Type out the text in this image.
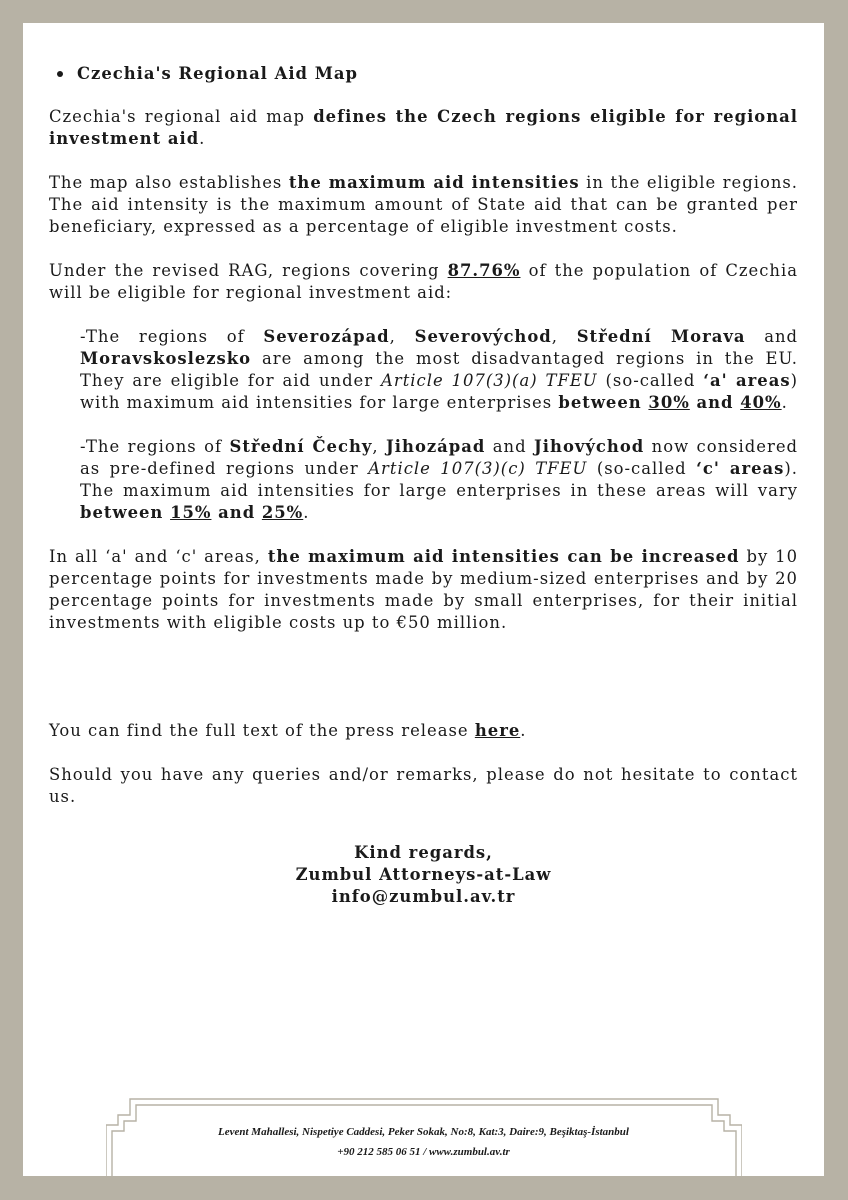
Czechia's Regional Aid Map

Czechia's regional aid map defines the Czech regions eligible for regional investment aid.

The map also establishes the maximum aid intensities in the eligible regions. The aid intensity is the maximum amount of State aid that can be granted per beneficiary, expressed as a percentage of eligible investment costs.

Under the revised RAG, regions covering 87.76% of the population of Czechia will be eligible for regional investment aid:

-The regions of Severozápad, Severovýchod, Střední Morava and Moravskoslezsko are among the most disadvantaged regions in the EU. They are eligible for aid under Article 107(3)(a) TFEU (so-called ‘a' areas) with maximum aid intensities for large enterprises between 30% and 40%.

-The regions of Střední Čechy, Jihozápad and Jihovýchod now considered as pre-defined regions under Article 107(3)(c) TFEU (so-called ‘c' areas). The maximum aid intensities for large enterprises in these areas will vary between 15% and 25%.

In all ‘a' and ‘c' areas, the maximum aid intensities can be increased by 10 percentage points for investments made by medium-sized enterprises and by 20 percentage points for investments made by small enterprises, for their initial investments with eligible costs up to €50 million.

You can find the full text of the press release here.

Should you have any queries and/or remarks, please do not hesitate to contact us.

Kind regards,
Zumbul Attorneys-at-Law
info@zumbul.av.tr
Levent Mahallesi, Nispetiye Caddesi, Peker Sokak, No:8, Kat:3, Daire:9, Beşiktaş-İstanbul
+90 212 585 06 51 / www.zumbul.av.tr
